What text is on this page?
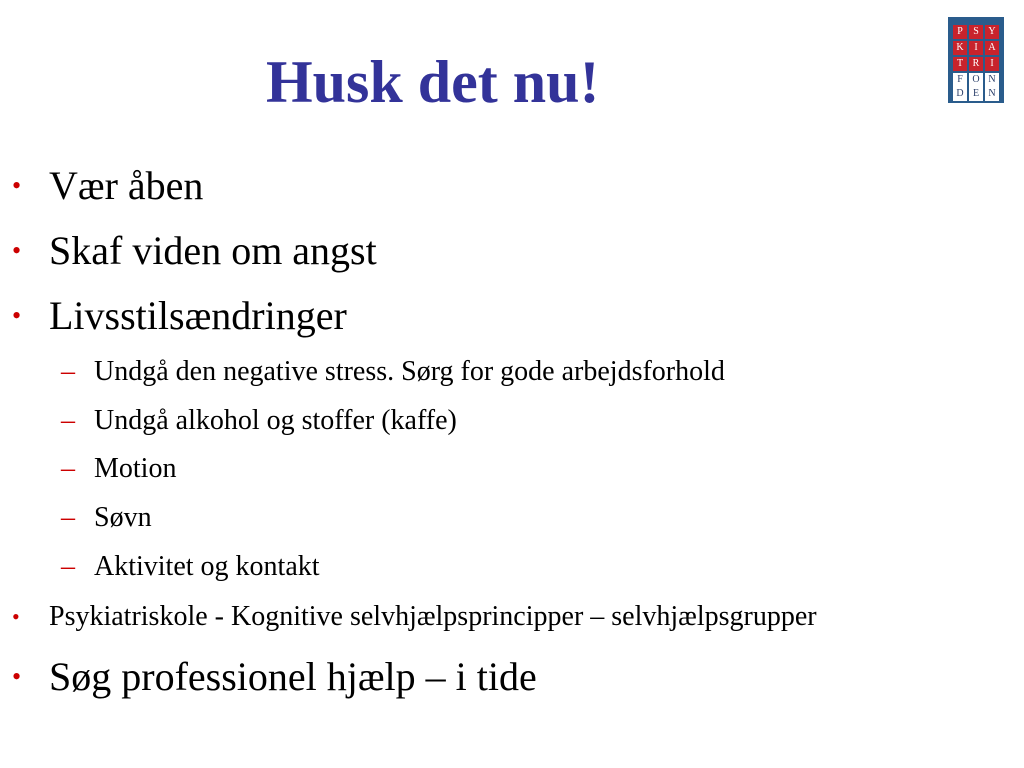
Husk det nu!
P	S Y
K	I	A
T R	I
F O N
D E N
• Vær åben
• Skaf viden om angst
• Livsstilsændringer
– Undgå den negative stress. Sørg for gode arbejdsforhold
– Undgå alkohol og stoffer (kaffe)
– Motion
– Søvn
– Aktivitet og kontakt
• Psykiatriskole - Kognitive selvhjælpsprincipper – selvhjælpsgrupper
• Søg professionel hjælp – i tide
